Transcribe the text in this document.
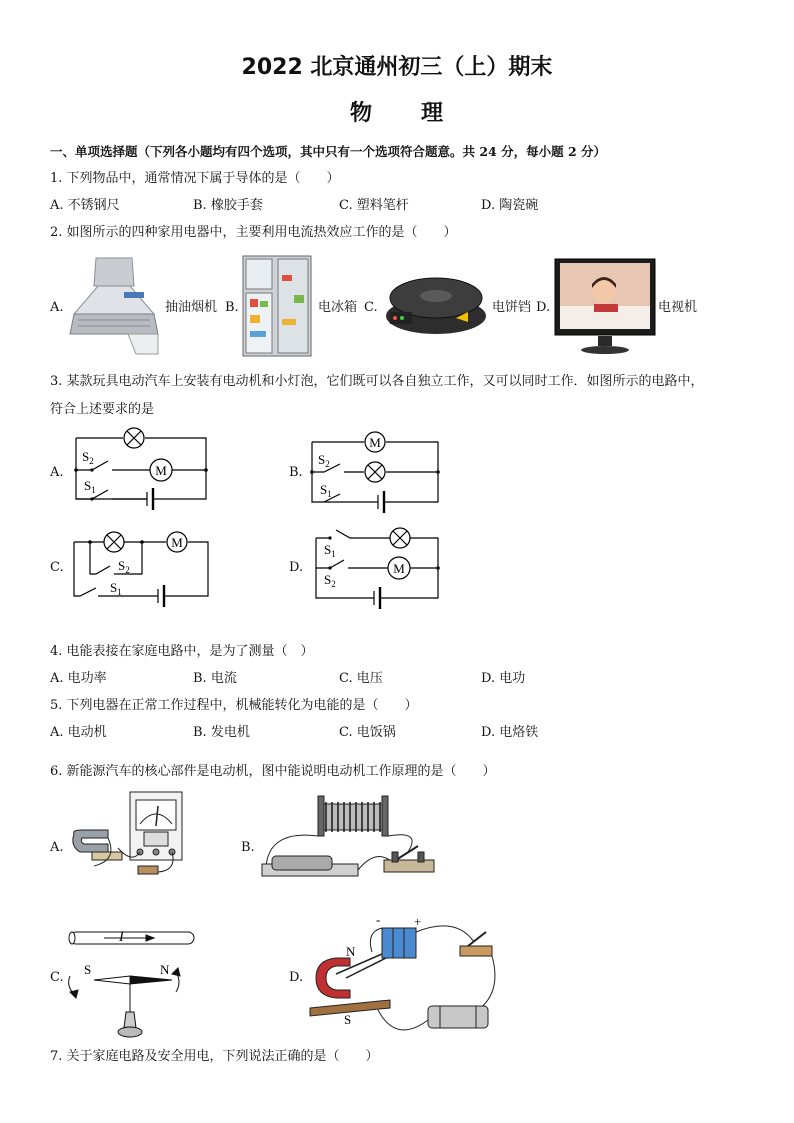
2022 北京通州初三（上）期末
物 理
一、单项选择题（下列各小题均有四个选项，其中只有一个选项符合题意。共 24 分，每小题 2 分）
1. 下列物品中，通常情况下属于导体的是（　　）
A. 不锈钢尺	B. 橡胶手套	C. 塑料笔杆	D. 陶瓷碗
2. 如图所示的四种家用电器中，主要利用电流热效应工作的是（　　）
A.	抽油烟机 B.	电冰箱 C.	电饼铛 D.	电视机
3. 某款玩具电动汽车上安装有电动机和小灯泡，它们既可以各自独立工作，又可以同时工作．如图所示的电路中，
符合上述要求的是
A.	M
$S_2$
$S_1$
B.
M
$S_2$
$S_1$
C.
M
$S_2$
$S_1$
D.	M
$S_1$
$S_2$
4. 电能表接在家庭电路中，是为了测量（　）
A. 电功率	B. 电流	C. 电压	D. 电功
5. 下列电器在正常工作过程中，机械能转化为电能的是（　　）
A. 电动机	B. 发电机	C. 电饭锅	D. 电烙铁
6. 新能源汽车的核心部件是电动机，图中能说明电动机工作原理的是（　　）
A.	B.
C.
I
S	N
D.
N
S
-	+
7. 关于家庭电路及安全用电，下列说法正确的是（　　）
